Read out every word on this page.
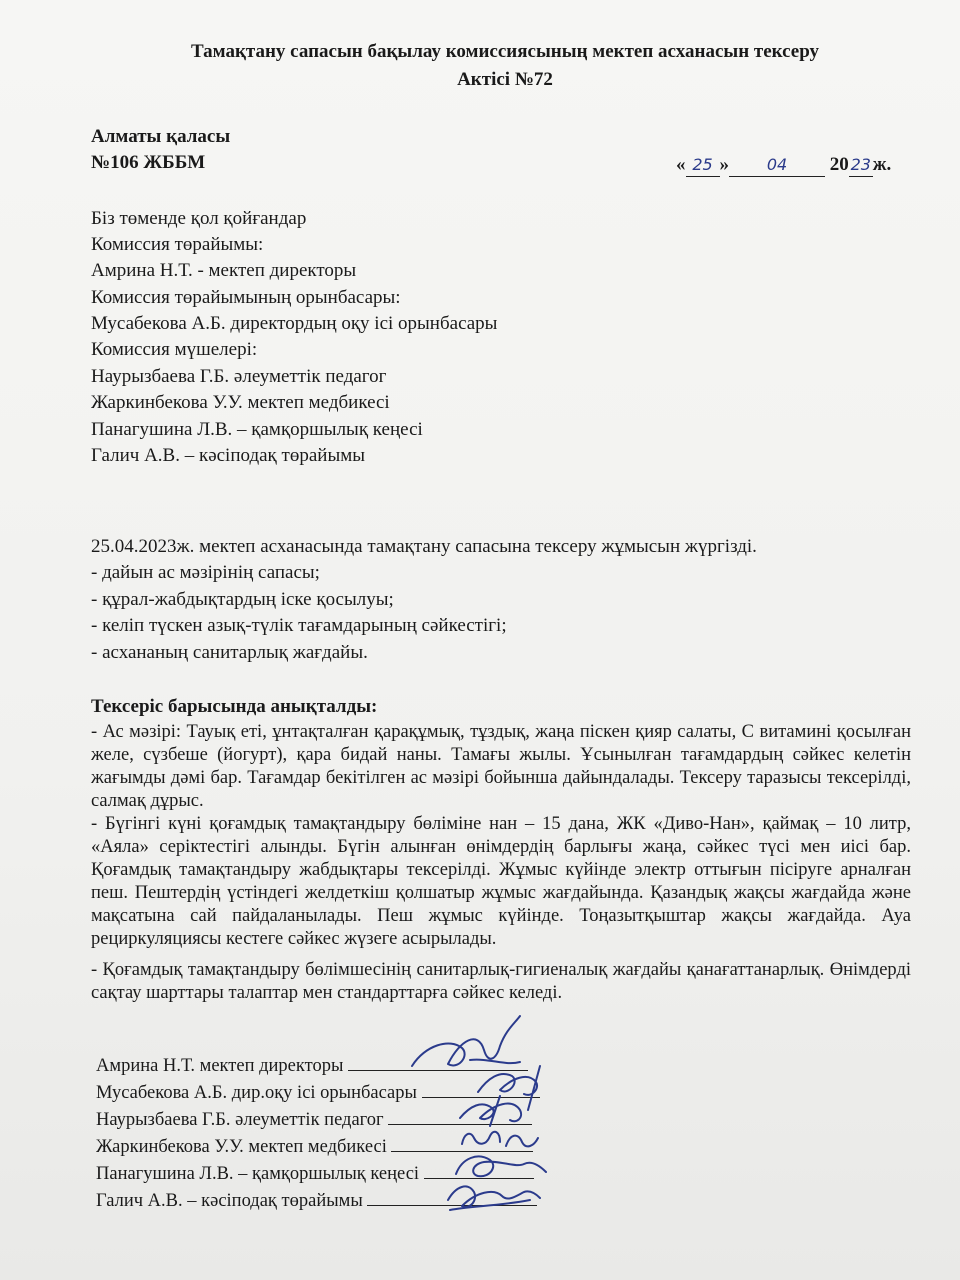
Тамақтану сапасын бақылау комиссиясының мектеп асханасын тексеру
Актісі №72
Алматы қаласы
№106 ЖББМ	« 25 » 04 20 23ж.
Біз төменде қол қойғандар
Комиссия төрайымы:
Амрина Н.Т. - мектеп директоры
Комиссия төрайымының орынбасары:
Мусабекова А.Б. директордың оқу ісі орынбасары
Комиссия мүшелері:
Наурызбаева Г.Б. әлеуметтік педагог
Жаркинбекова У.У. мектеп медбикесі
Панагушина Л.В. – қамқоршылық кеңесі
Галич А.В. – кәсіподақ төрайымы
25.04.2023ж. мектеп асханасында тамақтану сапасына тексеру жұмысын жүргізді.
- дайын ас мәзірінің сапасы;
- құрал-жабдықтардың іске қосылуы;
- келіп түскен азық-түлік тағамдарының сәйкестігі;
- асхананың санитарлық жағдайы.
Тексеріс барысында анықталды:

- Ас мәзірі: Тауық еті, ұнтақталған қарақұмық, тұздық, жаңа піскен қияр салаты, С витамині қосылған желе, сүзбеше (йогурт), қара бидай наны. Тамағы жылы. Ұсынылған тағамдардың сәйкес келетін жағымды дәмі бар. Тағамдар бекітілген ас мәзірі бойынша дайындалады. Тексеру таразысы тексерілді, салмақ дұрыс.

- Бүгінгі күні қоғамдық тамақтандыру бөліміне нан – 15 дана, ЖК «Диво-Нан», қаймақ – 10 литр, «Аяла» серіктестігі алынды. Бүгін алынған өнімдердің барлығы жаңа, сәйкес түсі мен иісі бар. Қоғамдық тамақтандыру жабдықтары тексерілді. Жұмыс күйінде электр оттығын пісіруге арналған пеш. Пештердің үстіндегі желдеткіш қолшатыр жұмыс жағдайында. Қазандық жақсы жағдайда және мақсатына сай пайдаланылады. Пеш жұмыс күйінде. Тоңазытқыштар жақсы жағдайда. Ауа рециркуляциясы кестеге сәйкес жүзеге асырылады.

- Қоғамдық тамақтандыру бөлімшесінің санитарлық-гигиеналық жағдайы қанағаттанарлық. Өнімдерді сақтау шарттары талаптар мен стандарттарға сәйкес келеді.

Амрина Н.Т. мектеп директоры
Мусабекова А.Б. дир.оқу ісі орынбасары
Наурызбаева Г.Б. әлеуметтік педагог
Жаркинбекова У.У. мектеп медбикесі
Панагушина Л.В. – қамқоршылық кеңесі
Галич А.В. – кәсіподақ төрайымы
